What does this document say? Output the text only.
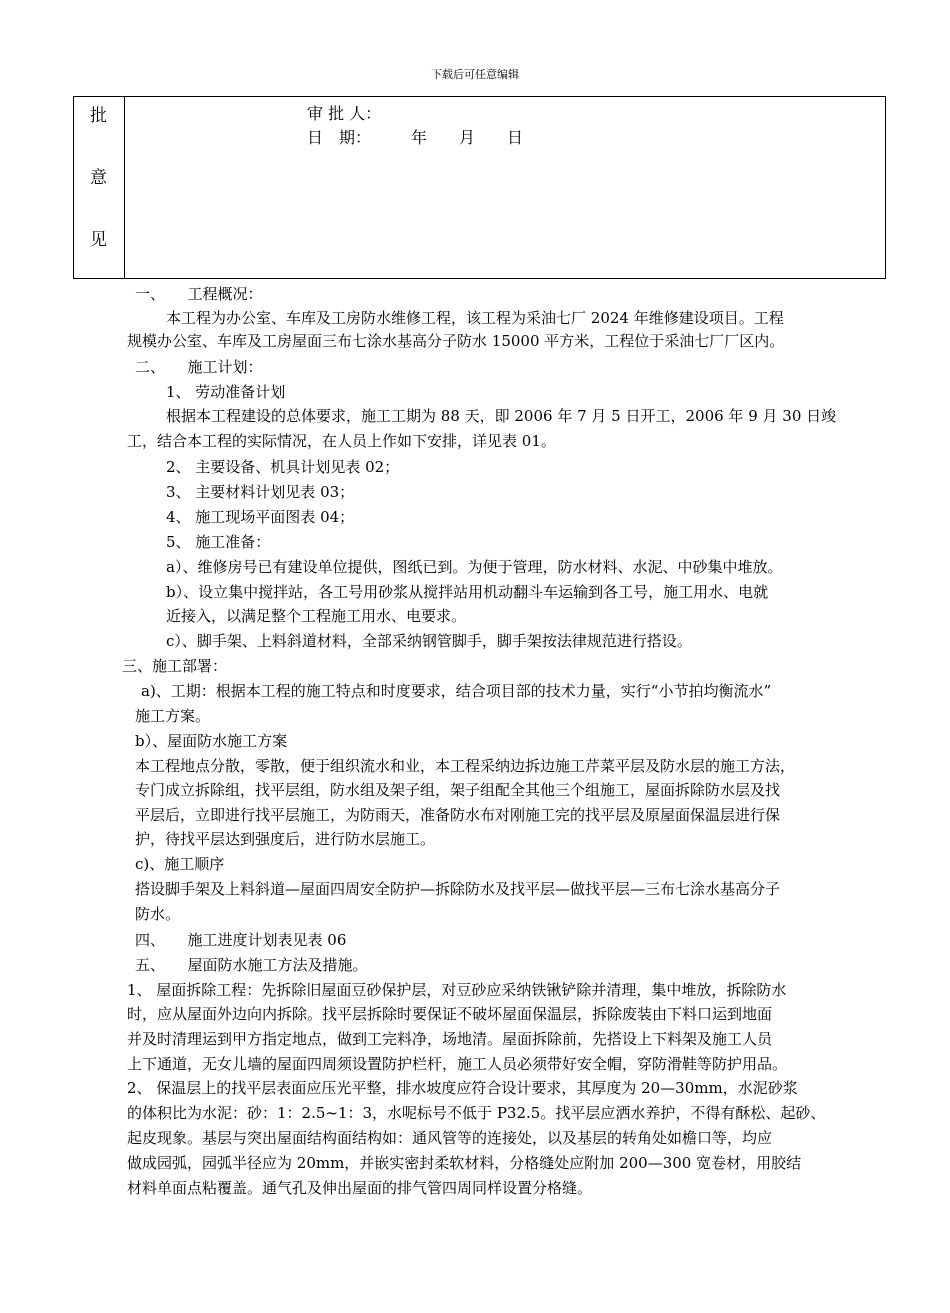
下载后可任意编辑
批
意
见
审 批 人：
日　期：　　　年　　月　　日
一、　　工程概况：
本工程为办公室、车库及工房防水维修工程，该工程为采油七厂 2024 年维修建设项目。工程
规模办公室、车库及工房屋面三布七涂水基高分子防水 15000 平方米，工程位于采油七厂厂区内。
二、　　施工计划：
1、 劳动准备计划
根据本工程建设的总体要求，施工工期为 88 天，即 2006 年 7 月 5 日开工，2006 年 9 月 30 日竣
工，结合本工程的实际情况，在人员上作如下安排，详见表 01。
2、 主要设备、机具计划见表 02；
3、 主要材料计划见表 03；
4、 施工现场平面图表 04；
5、 施工准备：
a）、维修房号已有建设单位提供，图纸已到。为便于管理，防水材料、水泥、中砂集中堆放。
b）、设立集中搅拌站，各工号用砂浆从搅拌站用机动翻斗车运输到各工号，施工用水、电就
近接入，以满足整个工程施工用水、电要求。
c）、脚手架、上料斜道材料，全部采纳钢管脚手，脚手架按法律规范进行搭设。
三、施工部署：
a)、工期：根据本工程的施工特点和时度要求，结合项目部的技术力量，实行“小节拍均衡流水”
施工方案。
b）、屋面防水施工方案
本工程地点分散，零散，便于组织流水和业，本工程采纳边拆边施工芹菜平层及防水层的施工方法，
专门成立拆除组，找平层组，防水组及架子组，架子组配全其他三个组施工，屋面拆除防水层及找
平层后，立即进行找平层施工，为防雨天，准备防水布对刚施工完的找平层及原屋面保温层进行保
护，待找平层达到强度后，进行防水层施工。
c)、施工顺序
搭设脚手架及上料斜道—屋面四周安全防护—拆除防水及找平层—做找平层—三布七涂水基高分子
防水。
四、　　施工进度计划表见表 06
五、　　屋面防水施工方法及措施。
1、 屋面拆除工程：先拆除旧屋面豆砂保护层，对豆砂应采纳铁锹铲除并清理，集中堆放，拆除防水
时，应从屋面外边向内拆除。找平层拆除时要保证不破坏屋面保温层，拆除废装由下料口运到地面
并及时清理运到甲方指定地点，做到工完料净，场地清。屋面拆除前，先搭设上下料架及施工人员
上下通道，无女儿墙的屋面四周须设置防护栏杆，施工人员必须带好安全帽，穿防滑鞋等防护用品。
2、 保温层上的找平层表面应压光平整，排水坡度应符合设计要求，其厚度为 20—30mm，水泥砂浆
的体积比为水泥：砂：1：2.5~1：3，水呢标号不低于 P32.5。找平层应洒水养护，不得有酥松、起砂、
起皮现象。基层与突出屋面结构面结构如：通风管等的连接处，以及基层的转角处如檐口等，均应
做成园弧，园弧半径应为 20mm，并嵌实密封柔软材料，分格缝处应附加 200—300 宽卷材，用胶结
材料单面点粘覆盖。通气孔及伸出屋面的排气管四周同样设置分格缝。
